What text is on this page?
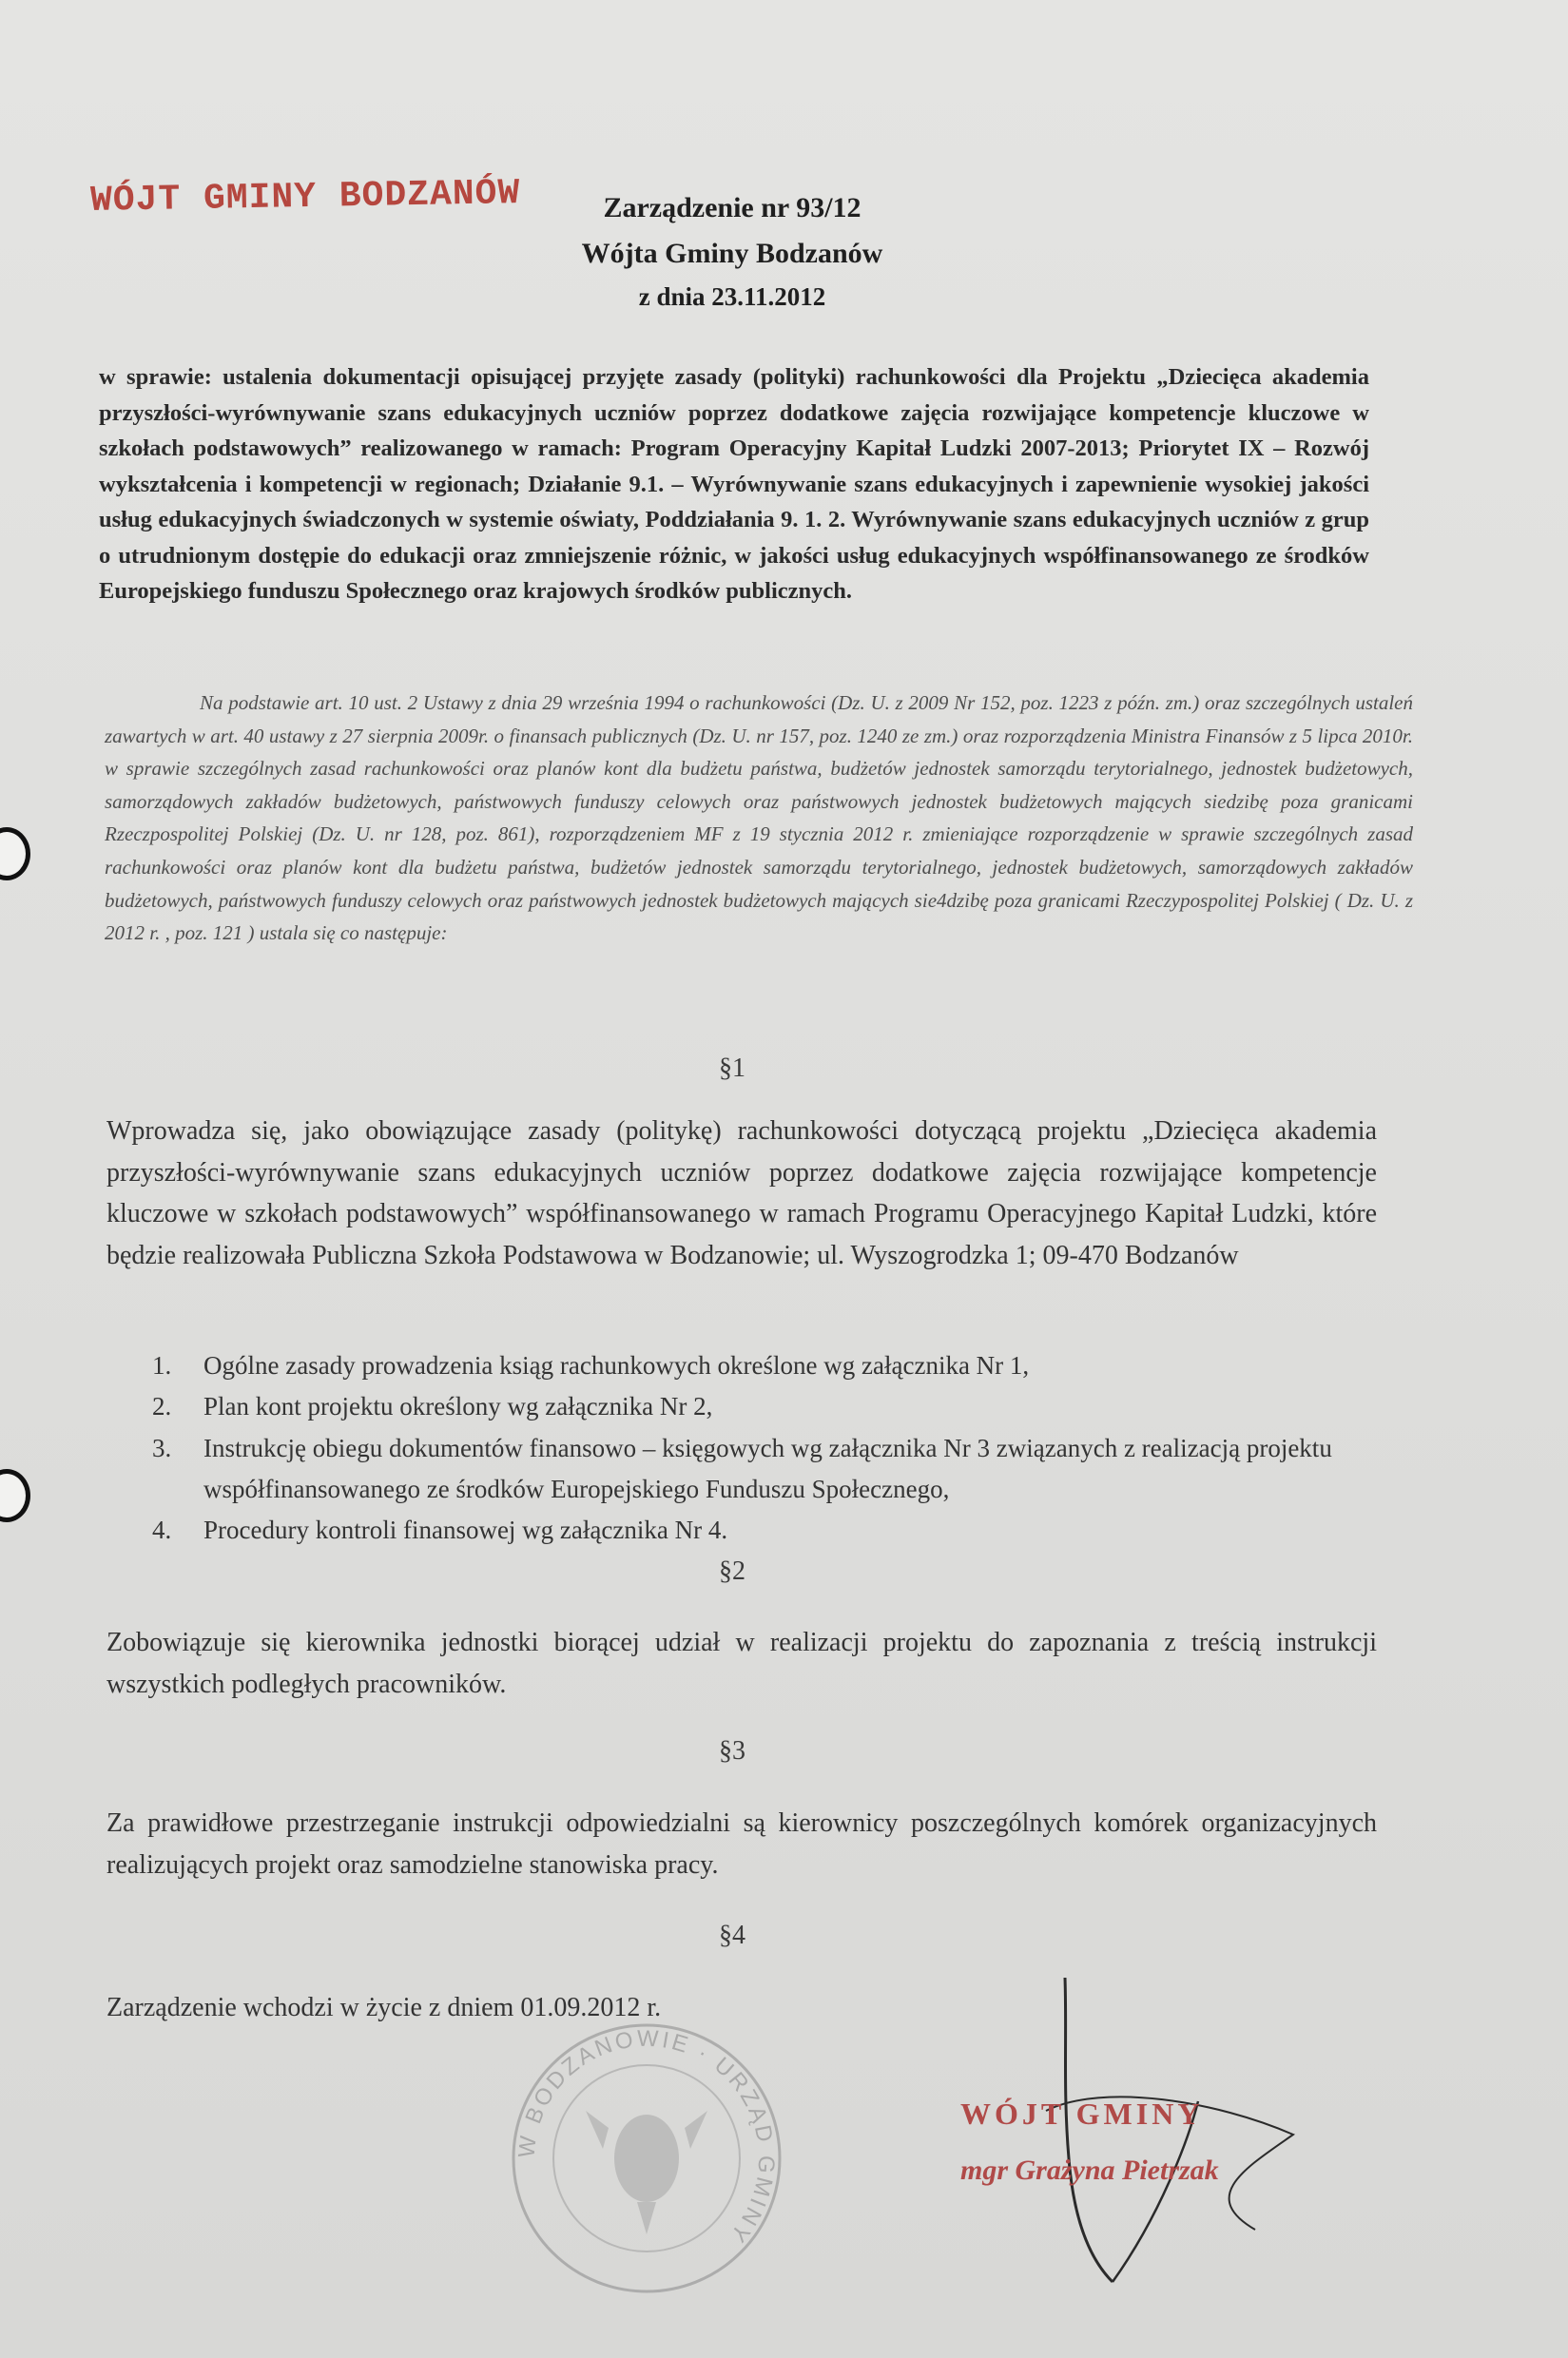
WÓJT GMINY BODZANÓW	Zarządzenie nr 93/12
Wójta Gminy Bodzanów
z dnia 23.11.2012
w sprawie: ustalenia dokumentacji opisującej przyjęte zasady (polityki) rachunkowości dla Projektu „Dziecięca akademia przyszłości-wyrównywanie szans edukacyjnych uczniów poprzez dodatkowe zajęcia rozwijające kompetencje kluczowe w szkołach podstawowych” realizowanego w ramach: Program Operacyjny Kapitał Ludzki 2007-2013; Priorytet IX – Rozwój wykształcenia i kompetencji w regionach; Działanie 9.1. – Wyrównywanie szans edukacyjnych i zapewnienie wysokiej jakości usług edukacyjnych świadczonych w systemie oświaty, Poddziałania 9. 1. 2. Wyrównywanie szans edukacyjnych uczniów z grup o utrudnionym dostępie do edukacji oraz zmniejszenie różnic, w jakości usług edukacyjnych współfinansowanego ze środków Europejskiego funduszu Społecznego oraz krajowych środków publicznych.
Na podstawie art. 10 ust. 2 Ustawy z dnia 29 września 1994 o rachunkowości (Dz. U. z 2009 Nr 152, poz. 1223 z późn. zm.) oraz szczególnych ustaleń zawartych w art. 40 ustawy z 27 sierpnia 2009r. o finansach publicznych (Dz. U. nr 157, poz. 1240 ze zm.) oraz rozporządzenia Ministra Finansów z 5 lipca 2010r. w sprawie szczególnych zasad rachunkowości oraz planów kont dla budżetu państwa, budżetów jednostek samorządu terytorialnego, jednostek budżetowych, samorządowych zakładów budżetowych, państwowych funduszy celowych oraz państwowych jednostek budżetowych mających siedzibę poza granicami Rzeczpospolitej Polskiej (Dz. U. nr 128, poz. 861), rozporządzeniem MF z 19 stycznia 2012 r. zmieniające rozporządzenie w sprawie szczególnych zasad rachunkowości oraz planów kont dla budżetu państwa, budżetów jednostek samorządu terytorialnego, jednostek budżetowych, samorządowych zakładów budżetowych, państwowych funduszy celowych oraz państwowych jednostek budżetowych mających sie4dzibę poza granicami Rzeczypospolitej Polskiej ( Dz. U. z 2012 r. , poz. 121 ) ustala się co następuje:
§1
Wprowadza się, jako obowiązujące zasady (politykę) rachunkowości dotyczącą projektu „Dziecięca akademia przyszłości-wyrównywanie szans edukacyjnych uczniów poprzez dodatkowe zajęcia rozwijające kompetencje kluczowe w szkołach podstawowych” współfinansowanego w ramach Programu Operacyjnego Kapitał Ludzki, które będzie realizowała Publiczna Szkoła Podstawowa w Bodzanowie; ul. Wyszogrodzka 1; 09-470 Bodzanów
1. Ogólne zasady prowadzenia ksiąg rachunkowych określone wg załącznika Nr 1,
2. Plan kont projektu określony wg załącznika Nr 2,
3. Instrukcję obiegu dokumentów finansowo – księgowych wg załącznika Nr 3 związanych z realizacją projektu współfinansowanego ze środków Europejskiego Funduszu Społecznego,
4. Procedury kontroli finansowej wg załącznika Nr 4.
§2
Zobowiązuje się kierownika jednostki biorącej udział w realizacji projektu do zapoznania z treścią instrukcji wszystkich podległych pracowników.
§3
Za prawidłowe przestrzeganie instrukcji odpowiedzialni są kierownicy poszczególnych komórek organizacyjnych realizujących projekt oraz samodzielne stanowiska pracy.
§4
Zarządzenie wchodzi w życie z dniem 01.09.2012 r.
W BODZANOWIE · URZĄD GMINY
WÓJT GMINY
mgr Grażyna Pietrzak
